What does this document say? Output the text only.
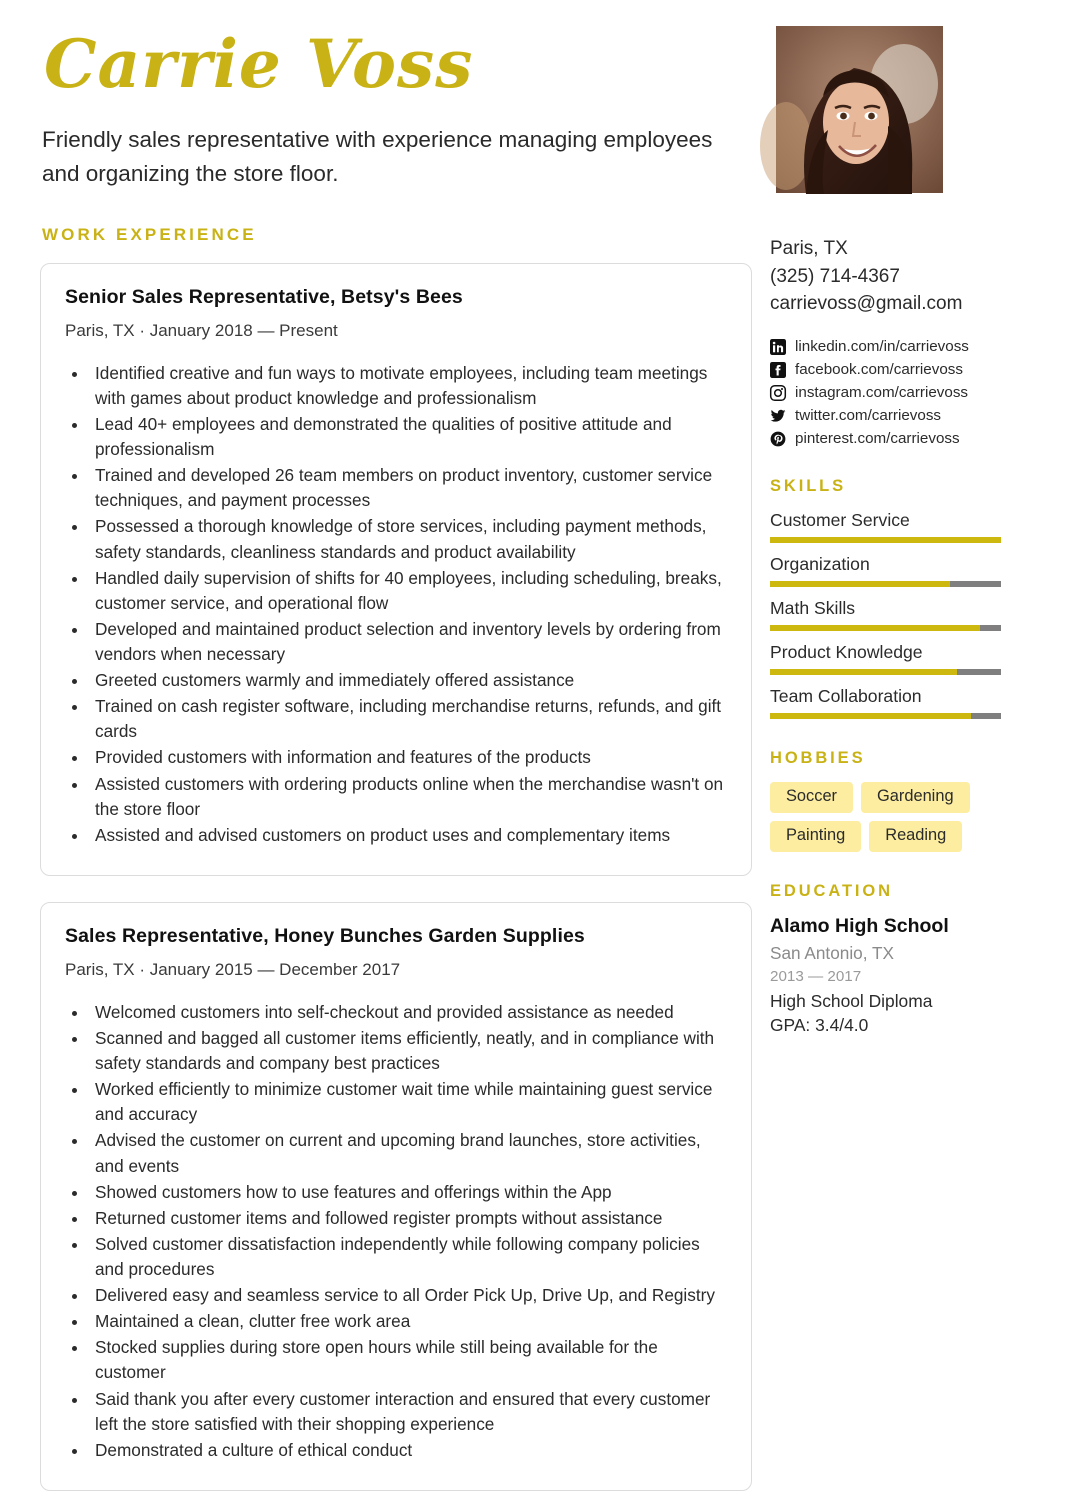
Carrie Voss

Friendly sales representative with experience managing employees and organizing the store floor.

WORK EXPERIENCE
Senior Sales Representative, Betsy's Bees
Paris, TX · January 2018 — Present
• Identified creative and fun ways to motivate employees, including team meetings with games about product knowledge and professionalism
• Lead 40+ employees and demonstrated the qualities of positive attitude and professionalism
• Trained and developed 26 team members on product inventory, customer service techniques, and payment processes
• Possessed a thorough knowledge of store services, including payment methods, safety standards, cleanliness standards and product availability
• Handled daily supervision of shifts for 40 employees, including scheduling, breaks, customer service, and operational flow
• Developed and maintained product selection and inventory levels by ordering from vendors when necessary
• Greeted customers warmly and immediately offered assistance
• Trained on cash register software, including merchandise returns, refunds, and gift cards
• Provided customers with information and features of the products
• Assisted customers with ordering products online when the merchandise wasn't on the store floor
• Assisted and advised customers on product uses and complementary items
Sales Representative, Honey Bunches Garden Supplies
Paris, TX · January 2015 — December 2017
• Welcomed customers into self-checkout and provided assistance as needed
• Scanned and bagged all customer items efficiently, neatly, and in compliance with safety standards and company best practices
• Worked efficiently to minimize customer wait time while maintaining guest service and accuracy
• Advised the customer on current and upcoming brand launches, store activities, and events
• Showed customers how to use features and offerings within the App
• Returned customer items and followed register prompts without assistance
• Solved customer dissatisfaction independently while following company policies and procedures
• Delivered easy and seamless service to all Order Pick Up, Drive Up, and Registry
• Maintained a clean, clutter free work area
• Stocked supplies during store open hours while still being available for the customer
• Said thank you after every customer interaction and ensured that every customer left the store satisfied with their shopping experience
• Demonstrated a culture of ethical conduct
Paris, TX
(325) 714-4367
carrievoss@gmail.com
linkedin.com/in/carrievoss
facebook.com/carrievoss
instagram.com/carrievoss
twitter.com/carrievoss
pinterest.com/carrievoss
SKILLS
Customer Service
Organization
Math Skills
Product Knowledge
Team Collaboration
HOBBIES
Soccer	Gardening
Painting	Reading
EDUCATION
Alamo High School
San Antonio, TX
2013 — 2017
High School Diploma
GPA: 3.4/4.0
